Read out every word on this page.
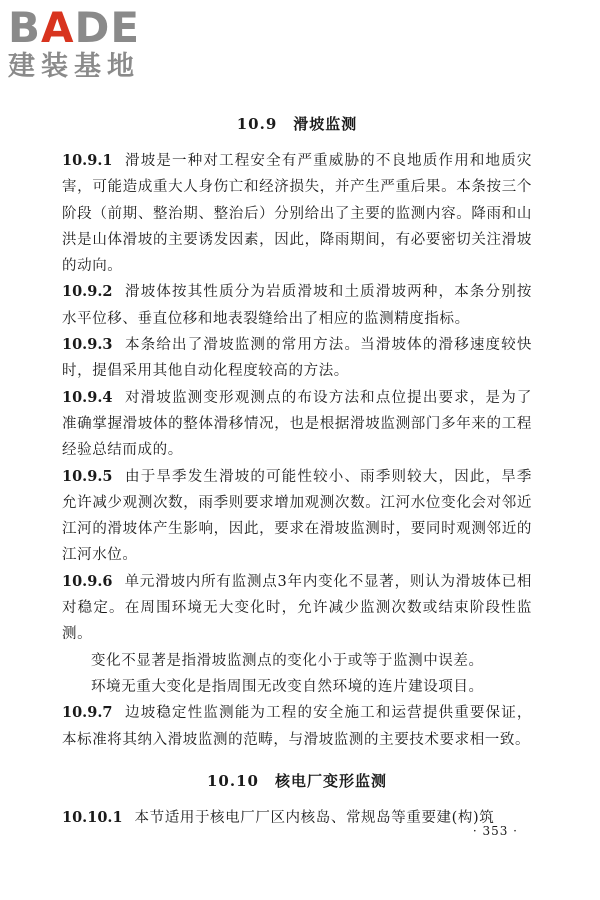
BADE
建装基地
10.9 滑坡监测

10.9.1 滑坡是一种对工程安全有严重威胁的不良地质作用和地质灾害，可能造成重大人身伤亡和经济损失，并产生严重后果。本条按三个阶段（前期、整治期、整治后）分别给出了主要的监测内容。降雨和山洪是山体滑坡的主要诱发因素，因此，降雨期间，有必要密切关注滑坡的动向。

10.9.2 滑坡体按其性质分为岩质滑坡和土质滑坡两种，本条分别按水平位移、垂直位移和地表裂缝给出了相应的监测精度指标。

10.9.3 本条给出了滑坡监测的常用方法。当滑坡体的滑移速度较快时，提倡采用其他自动化程度较高的方法。

10.9.4 对滑坡监测变形观测点的布设方法和点位提出要求，是为了准确掌握滑坡体的整体滑移情况，也是根据滑坡监测部门多年来的工程经验总结而成的。

10.9.5 由于旱季发生滑坡的可能性较小、雨季则较大，因此，旱季允许减少观测次数，雨季则要求增加观测次数。江河水位变化会对邻近江河的滑坡体产生影响，因此，要求在滑坡监测时，要同时观测邻近的江河水位。

10.9.6 单元滑坡内所有监测点3年内变化不显著，则认为滑坡体已相对稳定。在周围环境无大变化时，允许减少监测次数或结束阶段性监测。

变化不显著是指滑坡监测点的变化小于或等于监测中误差。

环境无重大变化是指周围无改变自然环境的连片建设项目。

10.9.7 边坡稳定性监测能为工程的安全施工和运营提供重要保证，本标准将其纳入滑坡监测的范畴，与滑坡监测的主要技术要求相一致。

10.10 核电厂变形监测

10.10.1 本节适用于核电厂厂区内核岛、常规岛等重要建(构)筑

· 353 ·
